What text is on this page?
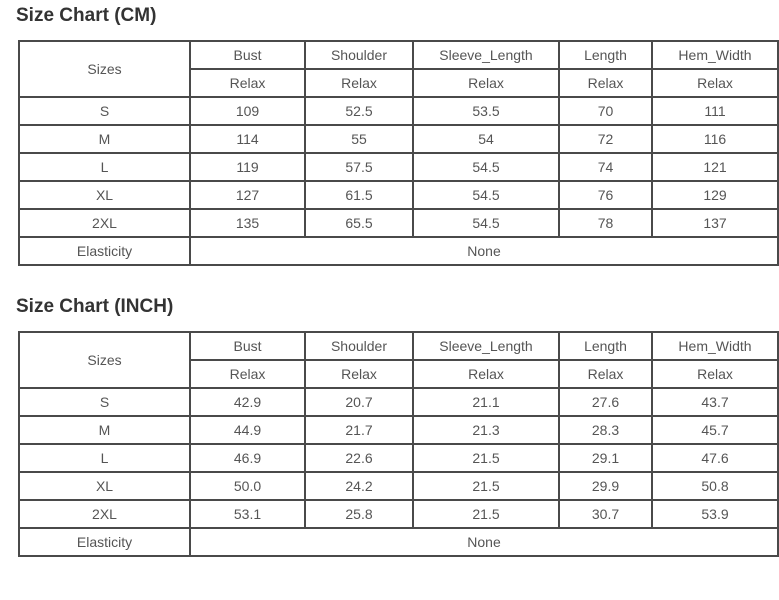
Size Chart (CM)
Sizes	Bust	Shoulder	Sleeve_Length	Length	Hem_Width
	Relax	Relax	Relax	Relax	Relax
S	109	52.5	53.5	70	111
M	114	55	54	72	116
L	119	57.5	54.5	74	121
XL	127	61.5	54.5	76	129
2XL	135	65.5	54.5	78	137
Elasticity	None				
Size Chart (INCH)
Sizes	Bust	Shoulder	Sleeve_Length	Length	Hem_Width
	Relax	Relax	Relax	Relax	Relax
S	42.9	20.7	21.1	27.6	43.7
M	44.9	21.7	21.3	28.3	45.7
L	46.9	22.6	21.5	29.1	47.6
XL	50.0	24.2	21.5	29.9	50.8
2XL	53.1	25.8	21.5	30.7	53.9
Elasticity	None				
